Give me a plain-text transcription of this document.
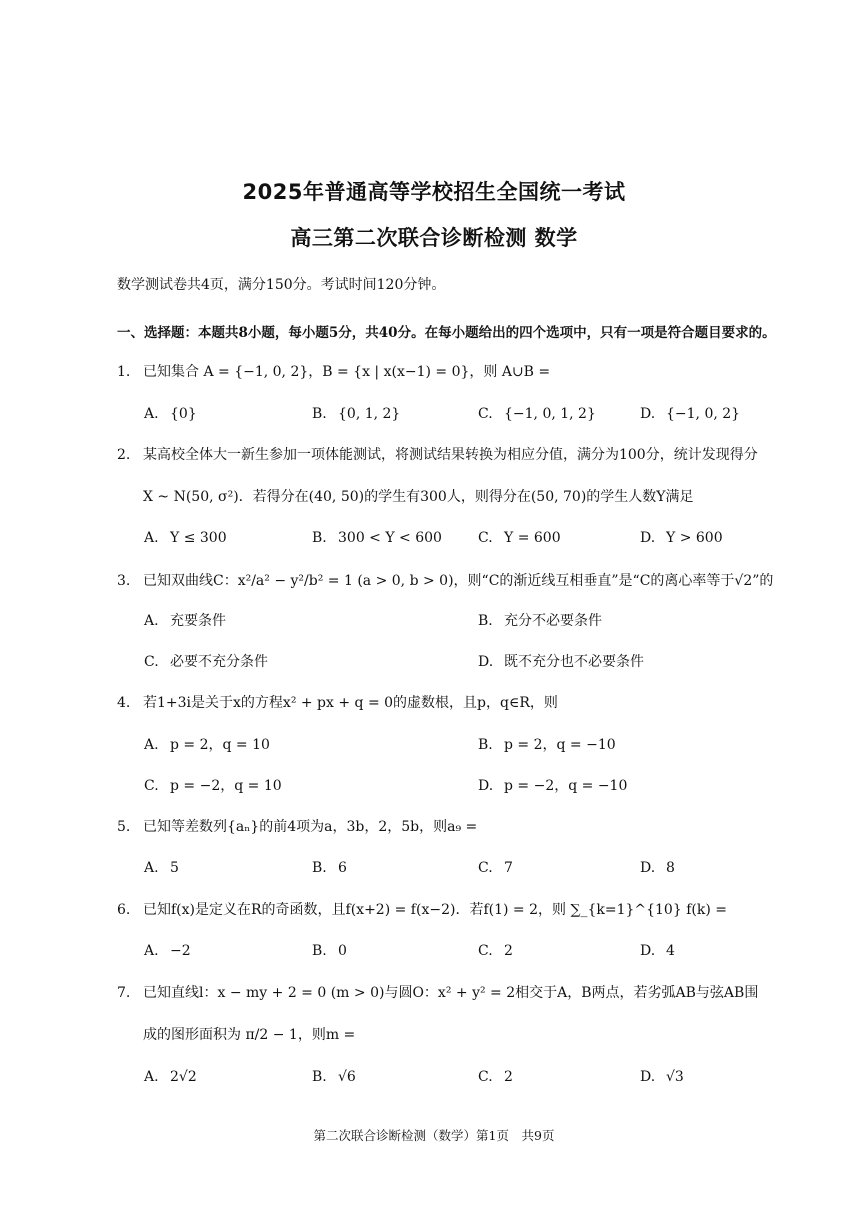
2025年普通高等学校招生全国统一考试
高三第二次联合诊断检测 数学
数学测试卷共4页，满分150分。考试时间120分钟。
一、选择题：本题共8小题，每小题5分，共40分。在每小题给出的四个选项中，只有一项是符合题目要求的。
1. 已知集合 A = {−1, 0, 2}，B = {x | x(x−1) = 0}，则 A∪B =
A. {0}	B. {0, 1, 2}	C. {−1, 0, 1, 2}	D. {−1, 0, 2}
2. 某高校全体大一新生参加一项体能测试，将测试结果转换为相应分值，满分为100分，统计发现得分
X ~ N(50, σ²)．若得分在(40, 50)的学生有300人，则得分在(50, 70)的学生人数Y满足
A. Y ≤ 300	B. 300 < Y < 600	C. Y = 600	D. Y > 600
3. 已知双曲线C：x²/a² − y²/b² = 1 (a > 0, b > 0)，则“C的渐近线互相垂直”是“C的离心率等于√2”的
A. 充要条件	B. 充分不必要条件
C. 必要不充分条件	D. 既不充分也不必要条件
4. 若1+3i是关于x的方程x² + px + q = 0的虚数根，且p，q∈R，则
A. p = 2，q = 10	B. p = 2，q = −10
C. p = −2，q = 10	D. p = −2，q = −10
5. 已知等差数列{aₙ}的前4项为a，3b，2，5b，则a₉ =
A. 5	B. 6	C. 7	D. 8
6. 已知f(x)是定义在R的奇函数，且f(x+2) = f(x−2)．若f(1) = 2，则 ∑_{k=1}^{10} f(k) =
A. −2	B. 0	C. 2	D. 4
7. 已知直线l：x − my + 2 = 0 (m > 0)与圆O：x² + y² = 2相交于A，B两点，若劣弧AB与弦AB围
成的图形面积为 π/2 − 1，则m =
A. 2√2	B. √6	C. 2	D. √3
第二次联合诊断检测（数学）第1页　共9页
